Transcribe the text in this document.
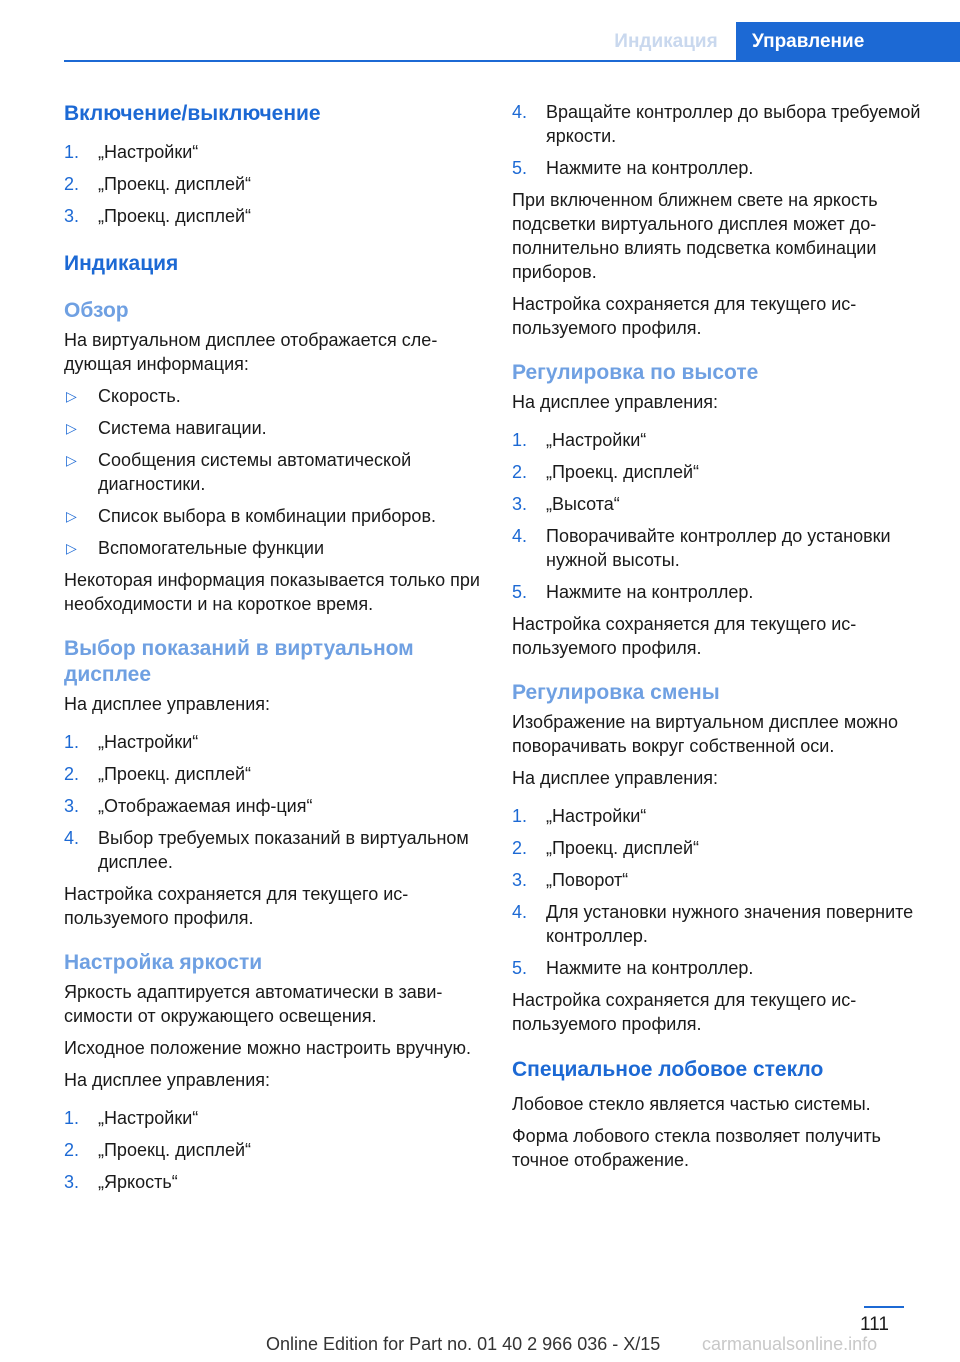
Индикация	Управление
Включение/выключение
1.	„Настройки“
2.	„Проекц. дисплей“
3.	„Проекц. дисплей“
Индикация
Обзор
На виртуальном дисплее отображается следующая информация:
▷	Скорость.
▷	Система навигации.
▷	Сообщения системы автоматической диагностики.
▷	Список выбора в комбинации приборов.
▷	Вспомогательные функции
Некоторая информация показывается только при необходимости и на короткое время.
Выбор показаний в виртуальном дисплее
На дисплее управления:
1.	„Настройки“
2.	„Проекц. дисплей“
3.	„Отображаемая инф-ция“
4.	Выбор требуемых показаний в виртуальном дисплее.
Настройка сохраняется для текущего используемого профиля.
Настройка яркости
Яркость адаптируется автоматически в зависимости от окружающего освещения.
Исходное положение можно настроить вручную.
На дисплее управления:
1.	„Настройки“
2.	„Проекц. дисплей“
3.	„Яркость“
4.	Вращайте контроллер до выбора требуемой яркости.
5.	Нажмите на контроллер.
При включенном ближнем свете на яркость подсветки виртуального дисплея может дополнительно влиять подсветка комбинации приборов.
Настройка сохраняется для текущего используемого профиля.
Регулировка по высоте
На дисплее управления:
1.	„Настройки“
2.	„Проекц. дисплей“
3.	„Высота“
4.	Поворачивайте контроллер до установки нужной высоты.
5.	Нажмите на контроллер.
Настройка сохраняется для текущего используемого профиля.
Регулировка смены
Изображение на виртуальном дисплее можно поворачивать вокруг собственной оси.
На дисплее управления:
1.	„Настройки“
2.	„Проекц. дисплей“
3.	„Поворот“
4.	Для установки нужного значения поверните контроллер.
5.	Нажмите на контроллер.
Настройка сохраняется для текущего используемого профиля.
Специальное лобовое стекло
Лобовое стекло является частью системы.
Форма лобового стекла позволяет получить точное отображение.
111
Online Edition for Part no. 01 40 2 966 036 - X/15 carmanualsonline.info
